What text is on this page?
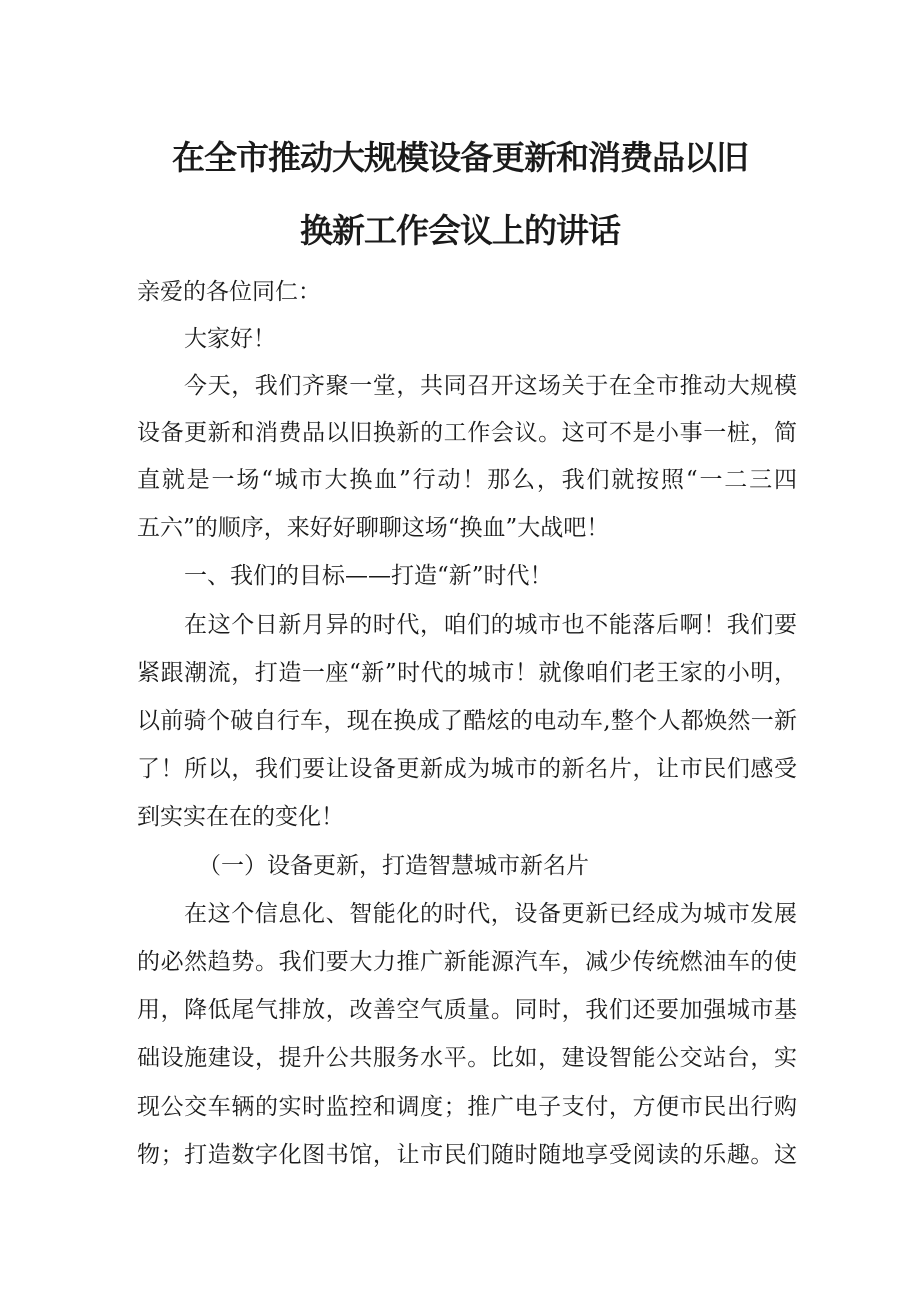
在全市推动大规模设备更新和消费品以旧
换新工作会议上的讲话
亲爱的各位同仁：
大家好！
今天，我们齐聚一堂，共同召开这场关于在全市推动大规模
设备更新和消费品以旧换新的工作会议。这可不是小事一桩，简
直就是一场“城市大换血”行动！那么，我们就按照“一二三四
五六”的顺序，来好好聊聊这场“换血”大战吧！
一、我们的目标——打造“新”时代！
在这个日新月异的时代，咱们的城市也不能落后啊！我们要
紧跟潮流，打造一座“新”时代的城市！就像咱们老王家的小明，
以前骑个破自行车，现在换成了酷炫的电动车,整个人都焕然一新
了！所以，我们要让设备更新成为城市的新名片，让市民们感受
到实实在在的变化！
（一）设备更新，打造智慧城市新名片
在这个信息化、智能化的时代，设备更新已经成为城市发展
的必然趋势。我们要大力推广新能源汽车，减少传统燃油车的使
用，降低尾气排放，改善空气质量。同时，我们还要加强城市基
础设施建设，提升公共服务水平。比如，建设智能公交站台，实
现公交车辆的实时监控和调度；推广电子支付，方便市民出行购
物；打造数字化图书馆，让市民们随时随地享受阅读的乐趣。这
